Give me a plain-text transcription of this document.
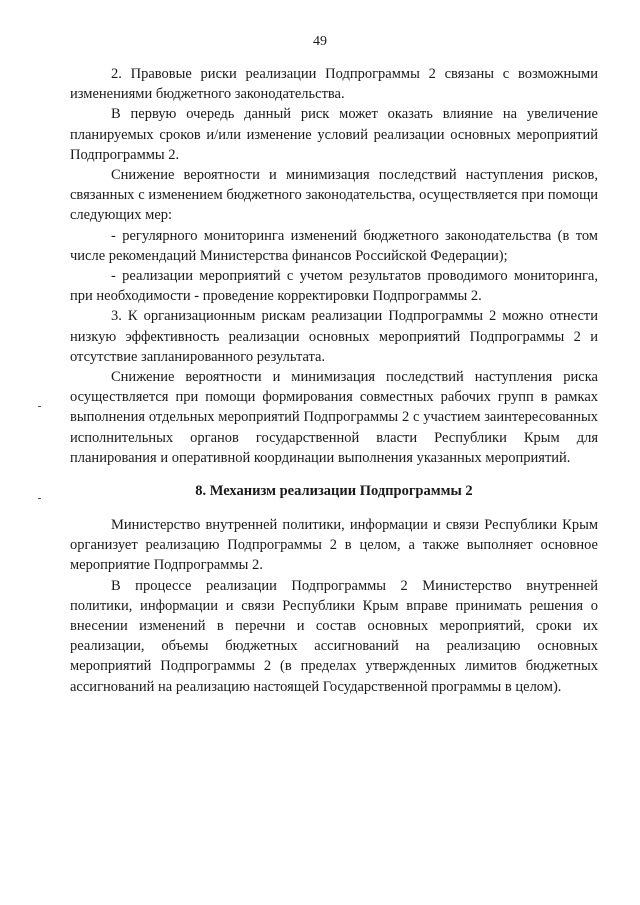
49

2. Правовые риски реализации Подпрограммы 2 связаны с возможными изменениями бюджетного законодательства.

В первую очередь данный риск может оказать влияние на увеличение планируемых сроков и/или изменение условий реализации основных мероприятий Подпрограммы 2.

Снижение вероятности и минимизация последствий наступления рисков, связанных с изменением бюджетного законодательства, осуществляется при помощи следующих мер:

- регулярного мониторинга изменений бюджетного законодательства (в том числе рекомендаций Министерства финансов Российской Федерации);

- реализации мероприятий с учетом результатов проводимого мониторинга, при необходимости - проведение корректировки Подпрограммы 2.

3. К организационным рискам реализации Подпрограммы 2 можно отнести низкую эффективность реализации основных мероприятий Подпрограммы 2 и отсутствие запланированного результата.

Снижение вероятности и минимизация последствий наступления риска осуществляется при помощи формирования совместных рабочих групп в рамках выполнения отдельных мероприятий Подпрограммы 2 с участием заинтересованных исполнительных органов государственной власти Республики Крым для планирования и оперативной координации выполнения указанных мероприятий.

8. Механизм реализации Подпрограммы 2

Министерство внутренней политики, информации и связи Республики Крым организует реализацию Подпрограммы 2 в целом, а также выполняет основное мероприятие Подпрограммы 2.

В процессе реализации Подпрограммы 2 Министерство внутренней политики, информации и связи Республики Крым вправе принимать решения о внесении изменений в перечни и состав основных мероприятий, сроки их реализации, объемы бюджетных ассигнований на реализацию основных мероприятий Подпрограммы 2 (в пределах утвержденных лимитов бюджетных ассигнований на реализацию настоящей Государственной программы в целом).
